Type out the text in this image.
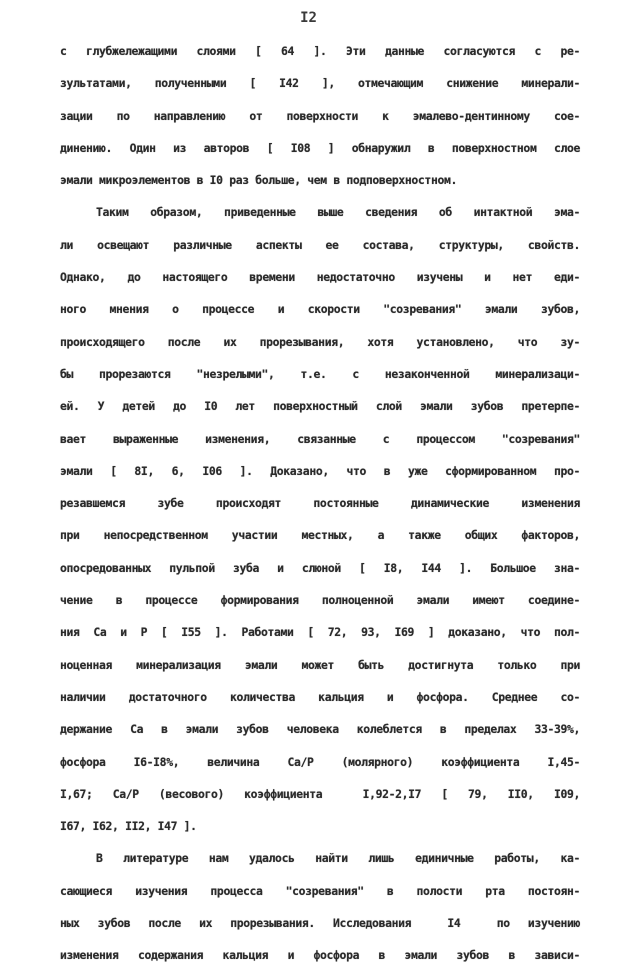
I2
с глубжележащими слоями [ 64 ]. Эти данные согласуются с ре-
зультатами, полученными [ I42 ], отмечающим снижение минерали-
зации по направлению от поверхности к эмалево-дентинному сое-
динению. Один из авторов [ I08 ] обнаружил в поверхностном слое
эмали микроэлементов в I0 раз больше, чем в подповерхностном.
Таким образом, приведенные выше сведения об интактной эма-
ли освещают различные аспекты ее состава, структуры, свойств.
Однако, до настоящего времени недостаточно изучены и нет еди-
ного мнения о процессе и скорости "созревания" эмали зубов,
происходящего после их прорезывания, хотя установлено, что зу-
бы прорезаются "незрелыми", т.е. с незаконченной минерализаци-
ей. У детей до I0 лет поверхностный слой эмали зубов претерпе-
вает выраженные изменения, связанные с процессом "созревания"
эмали [ 8I, 6, I06 ]. Доказано, что в уже сформированном про-
резавшемся зубе происходят постоянные динамические изменения
при непосредственном участии местных, а также общих факторов,
опосредованных пульпой зуба и слюной [ I8, I44 ]. Большое зна-
чение в процессе формирования полноценной эмали имеют соедине-
ния Са и Р [ I55 ]. Работами [ 72, 93, I69 ] доказано, что пол-
ноценная минерализация эмали может быть достигнута только при
наличии достаточного количества кальция и фосфора. Среднее со-
держание Са в эмали зубов человека колеблется в пределах 33-39%,
фосфора I6-I8%, величина Са/Р (молярного) коэффициента I,45-
I,67; Са/Р (весового) коэффициента  I,92-2,I7 [ 79, II0, I09,
I67, I62, II2, I47 ].
В литературе нам удалось найти лишь единичные работы, ка-
сающиеся изучения процесса "созревания" в полости рта постоян-
ных зубов после их прорезывания. Исследования  I4  по изучению
изменения содержания кальция и фосфора в эмали зубов в зависи-
